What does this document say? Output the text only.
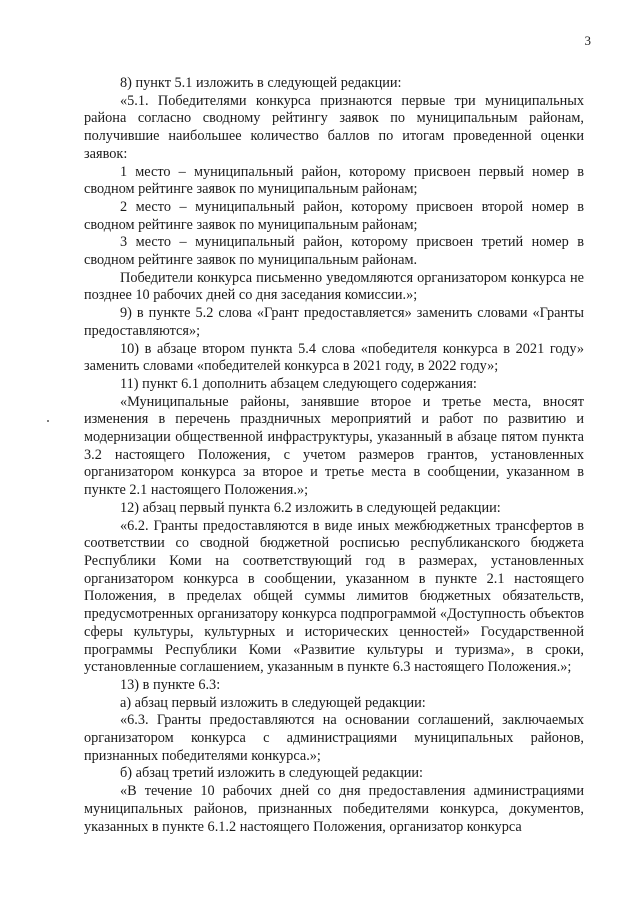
3

8) пункт 5.1 изложить в следующей редакции:

«5.1. Победителями конкурса признаются первые три муниципальных района согласно сводному рейтингу заявок по муниципальным районам, получившие наибольшее количество баллов по итогам проведенной оценки заявок:

1 место – муниципальный район, которому присвоен первый номер в сводном рейтинге заявок по муниципальным районам;

2 место – муниципальный район, которому присвоен второй номер в сводном рейтинге заявок по муниципальным районам;

3 место – муниципальный район, которому присвоен третий номер в сводном рейтинге заявок по муниципальным районам.

Победители конкурса письменно уведомляются организатором конкурса не позднее 10 рабочих дней со дня заседания комиссии.»;

9) в пункте 5.2 слова «Грант предоставляется» заменить словами «Гранты предоставляются»;

10) в абзаце втором пункта 5.4 слова «победителя конкурса в 2021 году» заменить словами «победителей конкурса в 2021 году, в 2022 году»;

11) пункт 6.1 дополнить абзацем следующего содержания:

«Муниципальные районы, занявшие второе и третье места, вносят изменения в перечень праздничных мероприятий и работ по развитию и модернизации общественной инфраструктуры, указанный в абзаце пятом пункта 3.2 настоящего Положения, с учетом размеров грантов, установленных организатором конкурса за второе и третье места в сообщении, указанном в пункте 2.1 настоящего Положения.»;

12) абзац первый пункта 6.2 изложить в следующей редакции:

«6.2. Гранты предоставляются в виде иных межбюджетных трансфертов в соответствии со сводной бюджетной росписью республиканского бюджета Республики Коми на соответствующий год в размерах, установленных организатором конкурса в сообщении, указанном в пункте 2.1 настоящего Положения, в пределах общей суммы лимитов бюджетных обязательств, предусмотренных организатору конкурса подпрограммой «Доступность объектов сферы культуры, культурных и исторических ценностей» Государственной программы Республики Коми «Развитие культуры и туризма», в сроки, установленные соглашением, указанным в пункте 6.3 настоящего Положения.»;

13) в пункте 6.3:

а) абзац первый изложить в следующей редакции:

«6.3. Гранты предоставляются на основании соглашений, заключаемых организатором конкурса с администрациями муниципальных районов, признанных победителями конкурса.»;

б) абзац третий изложить в следующей редакции:

«В течение 10 рабочих дней со дня предоставления администрациями муниципальных районов, признанных победителями конкурса, документов, указанных в пункте 6.1.2 настоящего Положения, организатор конкурса
